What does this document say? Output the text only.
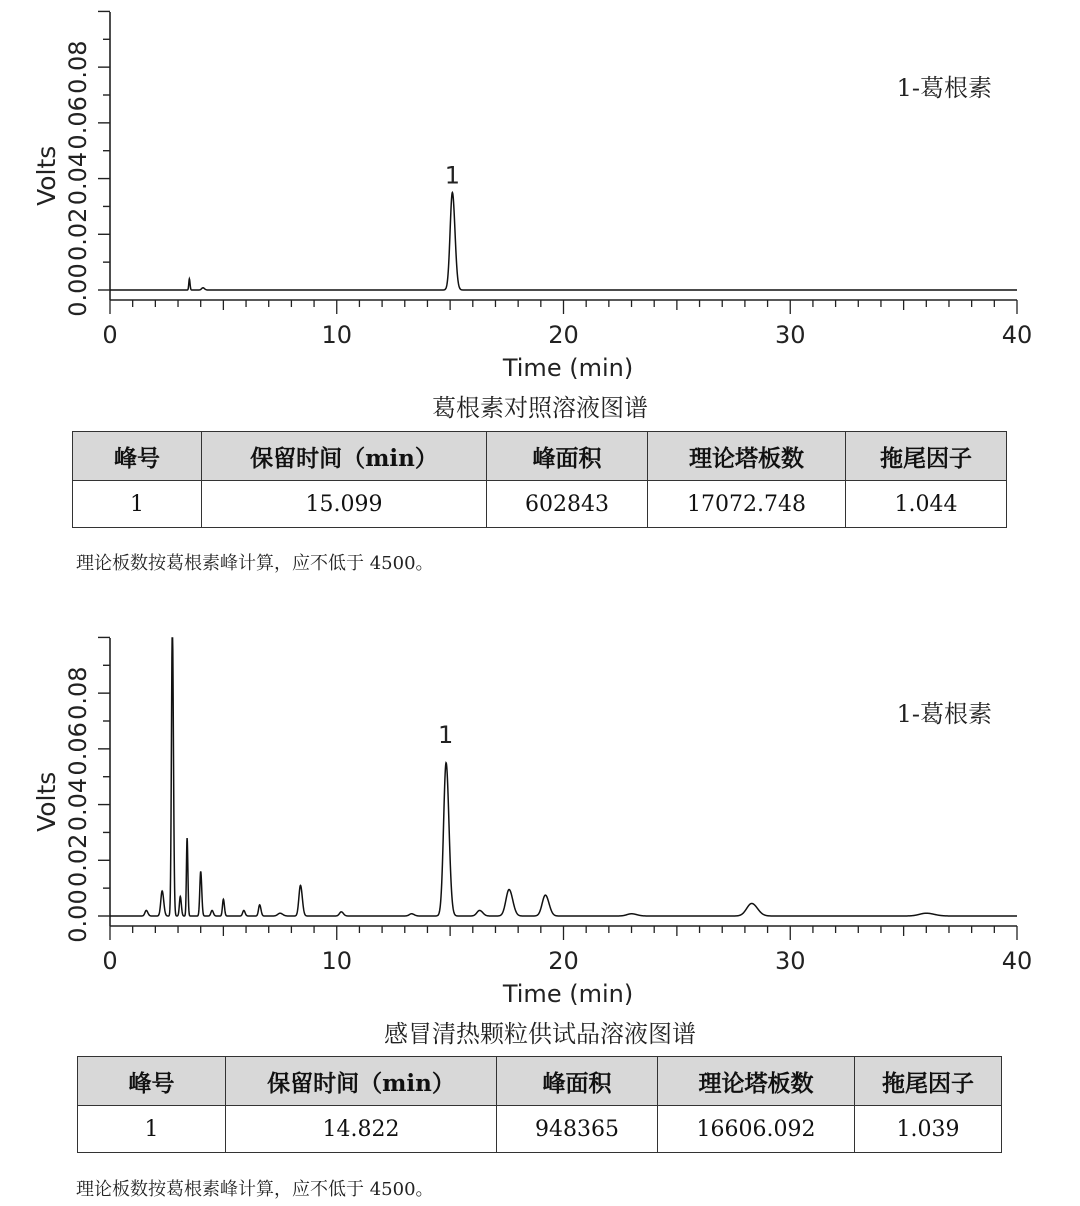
0.00
0.02
0.04
0.06
0.08
Volts
0	10	20	30	40
Time (min)
1-葛根素
1
葛根素对照溶液图谱
峰号	保留时间（min）	峰面积	理论塔板数	拖尾因子
1	15.099	602843	17072.748	1.044
理论板数按葛根素峰计算，应不低于 4500。
0.00
0.02
0.04
0.06
0.08
Volts
0	10	20	30	40
Time (min)
1-葛根素
1
感冒清热颗粒供试品溶液图谱
峰号	保留时间（min）	峰面积	理论塔板数	拖尾因子
1	14.822	948365	16606.092	1.039
理论板数按葛根素峰计算，应不低于 4500。
